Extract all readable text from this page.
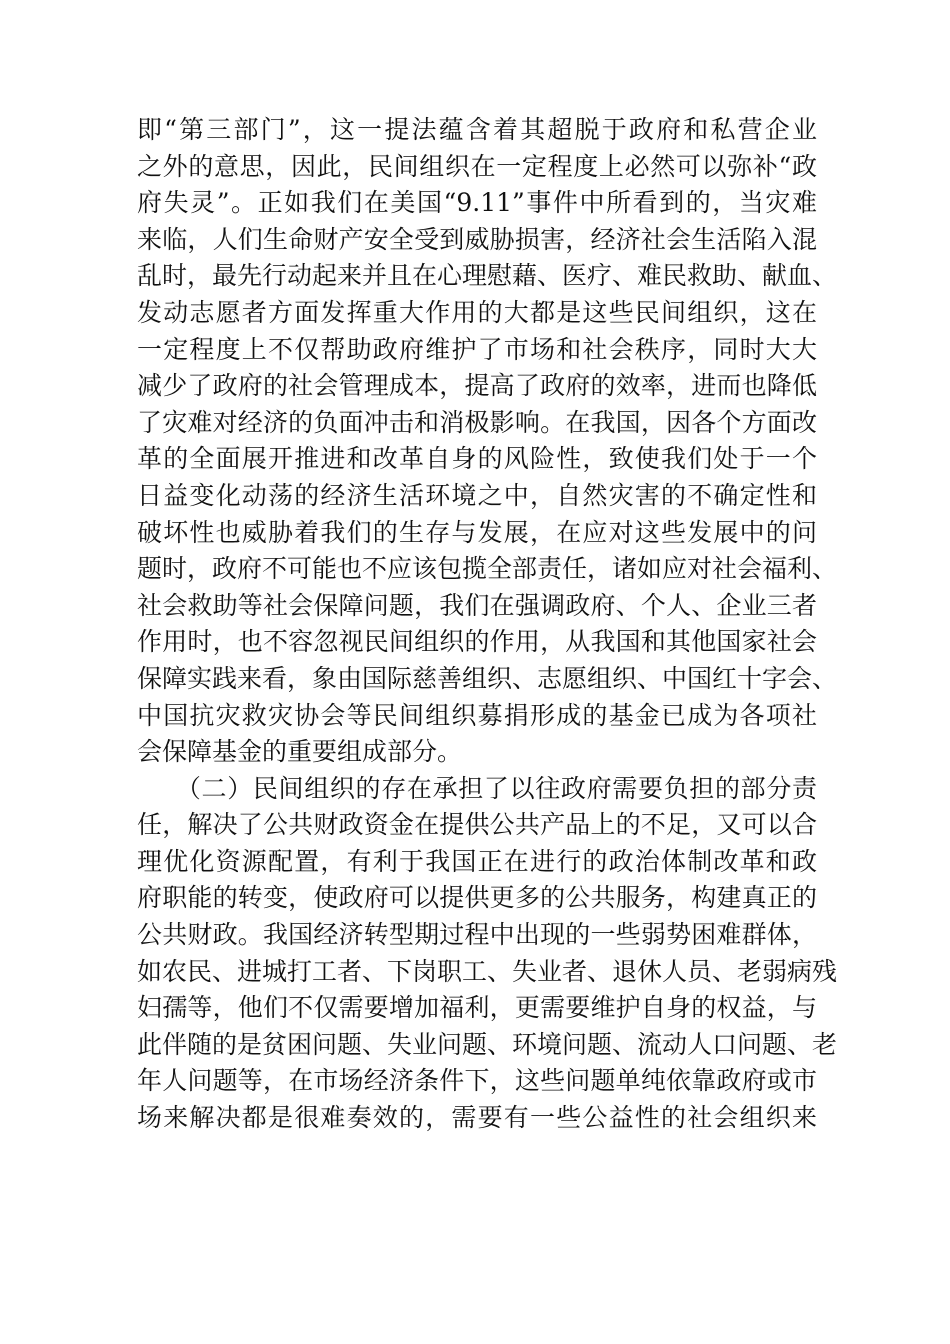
即“第三部门”，这一提法蕴含着其超脱于政府和私营企业
之外的意思，因此，民间组织在一定程度上必然可以弥补“政
府失灵”。正如我们在美国“9.11”事件中所看到的，当灾难
来临，人们生命财产安全受到威胁损害，经济社会生活陷入混
乱时，最先行动起来并且在心理慰藉、医疗、难民救助、献血、
发动志愿者方面发挥重大作用的大都是这些民间组织，这在
一定程度上不仅帮助政府维护了市场和社会秩序，同时大大
减少了政府的社会管理成本，提高了政府的效率，进而也降低
了灾难对经济的负面冲击和消极影响。在我国，因各个方面改
革的全面展开推进和改革自身的风险性，致使我们处于一个
日益变化动荡的经济生活环境之中，自然灾害的不确定性和
破坏性也威胁着我们的生存与发展，在应对这些发展中的问
题时，政府不可能也不应该包揽全部责任，诸如应对社会福利、
社会救助等社会保障问题，我们在强调政府、个人、企业三者
作用时，也不容忽视民间组织的作用，从我国和其他国家社会
保障实践来看，象由国际慈善组织、志愿组织、中国红十字会、
中国抗灾救灾协会等民间组织募捐形成的基金已成为各项社
会保障基金的重要组成部分。
　　（二）民间组织的存在承担了以往政府需要负担的部分责
任，解决了公共财政资金在提供公共产品上的不足，又可以合
理优化资源配置，有利于我国正在进行的政治体制改革和政
府职能的转变，使政府可以提供更多的公共服务，构建真正的
公共财政。我国经济转型期过程中出现的一些弱势困难群体，
如农民、进城打工者、下岗职工、失业者、退休人员、老弱病残
妇孺等，他们不仅需要增加福利，更需要维护自身的权益，与
此伴随的是贫困问题、失业问题、环境问题、流动人口问题、老
年人问题等，在市场经济条件下，这些问题单纯依靠政府或市
场来解决都是很难奏效的，需要有一些公益性的社会组织来
